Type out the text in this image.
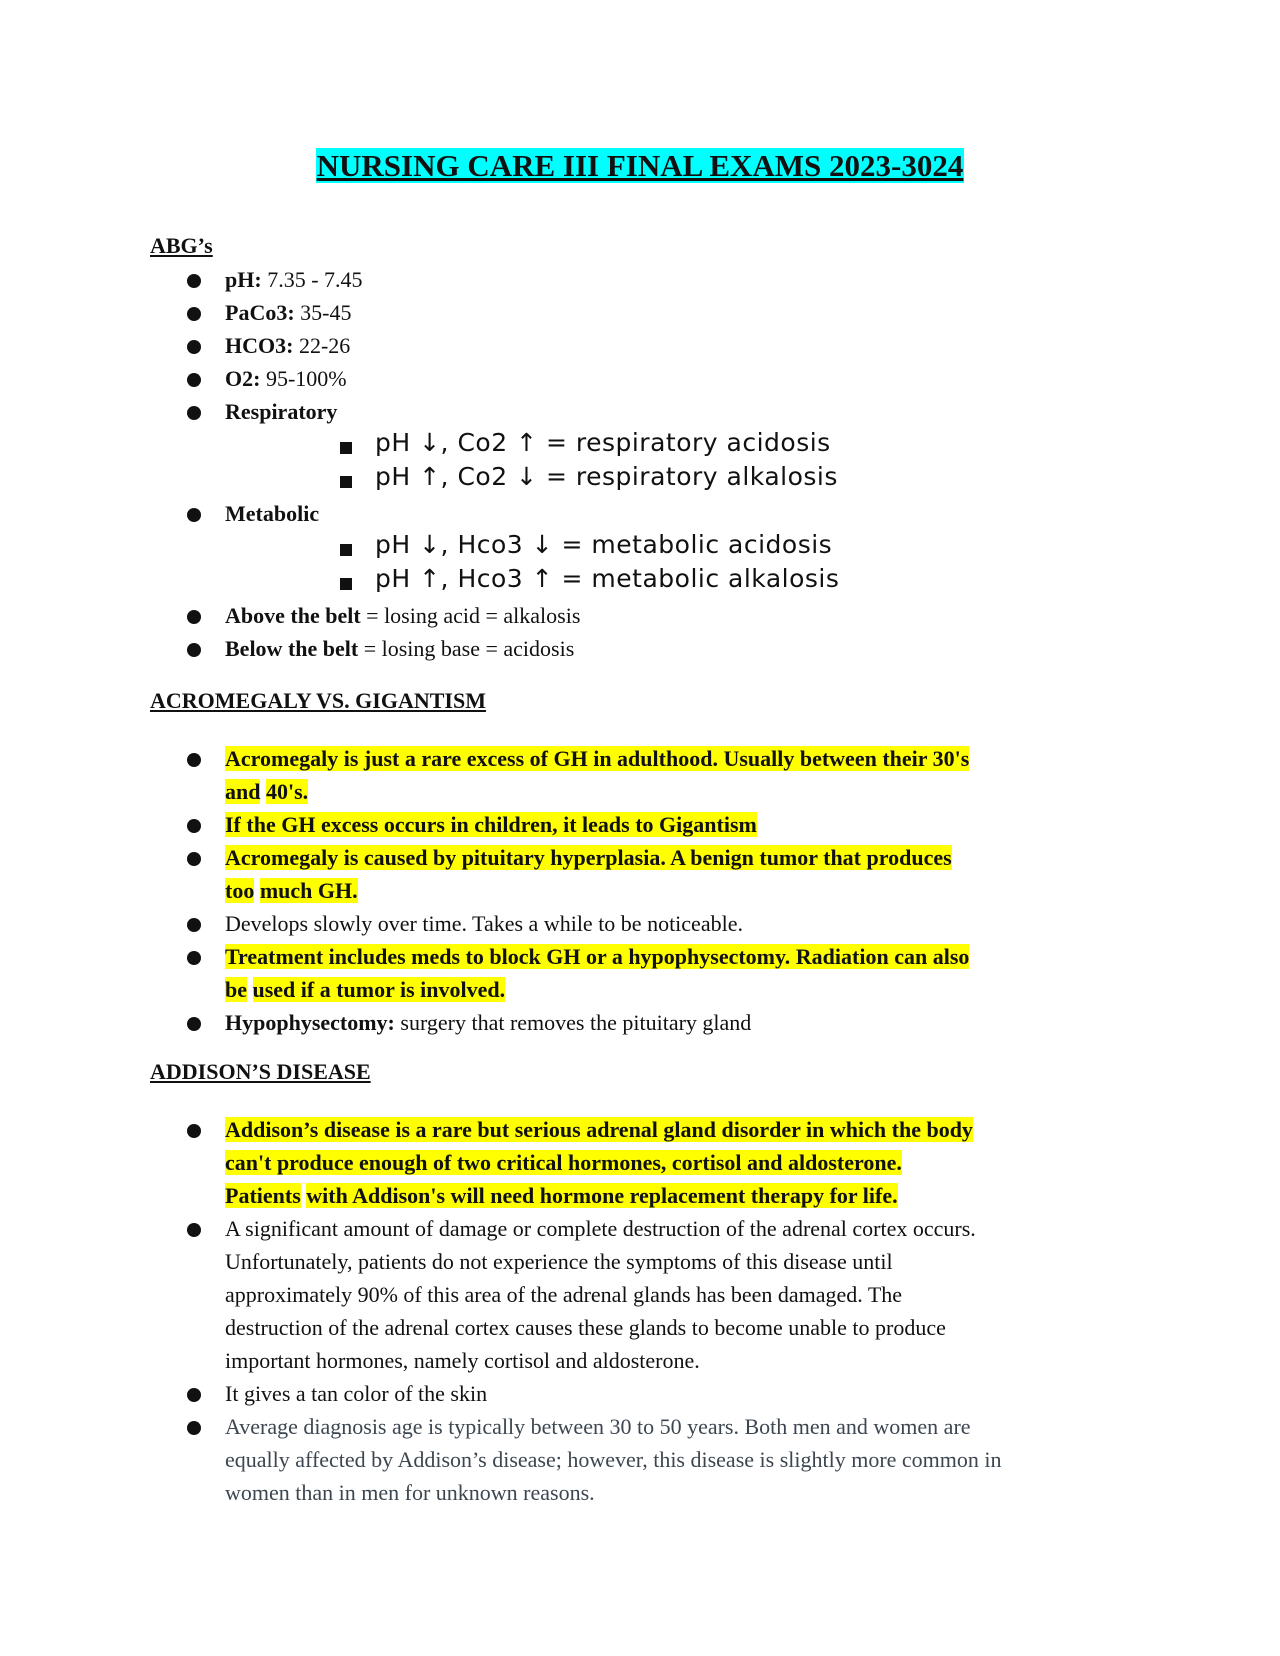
NURSING CARE III FINAL EXAMS 2023-3024
ABG’s
pH: 7.35 - 7.45
PaCo3: 35-45
HCO3: 22-26
O2: 95-100%
Respiratory
pH ↓, Co2 ↑ = respiratory acidosis
pH ↑, Co2 ↓ = respiratory alkalosis
Metabolic
pH ↓, Hco3 ↓ = metabolic acidosis
pH ↑, Hco3 ↑ = metabolic alkalosis
Above the belt = losing acid = alkalosis
Below the belt = losing base = acidosis
ACROMEGALY VS. GIGANTISM
Acromegaly is just a rare excess of GH in adulthood. Usually between their 30's
and 40's.
If the GH excess occurs in children, it leads to Gigantism
Acromegaly is caused by pituitary hyperplasia. A benign tumor that produces
too much GH.
Develops slowly over time. Takes a while to be noticeable.
Treatment includes meds to block GH or a hypophysectomy. Radiation can also
be used if a tumor is involved.
Hypophysectomy: surgery that removes the pituitary gland
ADDISON’S DISEASE
Addison’s disease is a rare but serious adrenal gland disorder in which the body
can't produce enough of two critical hormones, cortisol and aldosterone.
Patients with Addison's will need hormone replacement therapy for life.
A significant amount of damage or complete destruction of the adrenal cortex occurs.
Unfortunately, patients do not experience the symptoms of this disease until
approximately 90% of this area of the adrenal glands has been damaged. The
destruction of the adrenal cortex causes these glands to become unable to produce
important hormones, namely cortisol and aldosterone.
It gives a tan color of the skin
Average diagnosis age is typically between 30 to 50 years. Both men and women are
equally affected by Addison’s disease; however, this disease is slightly more common in
women than in men for unknown reasons.
